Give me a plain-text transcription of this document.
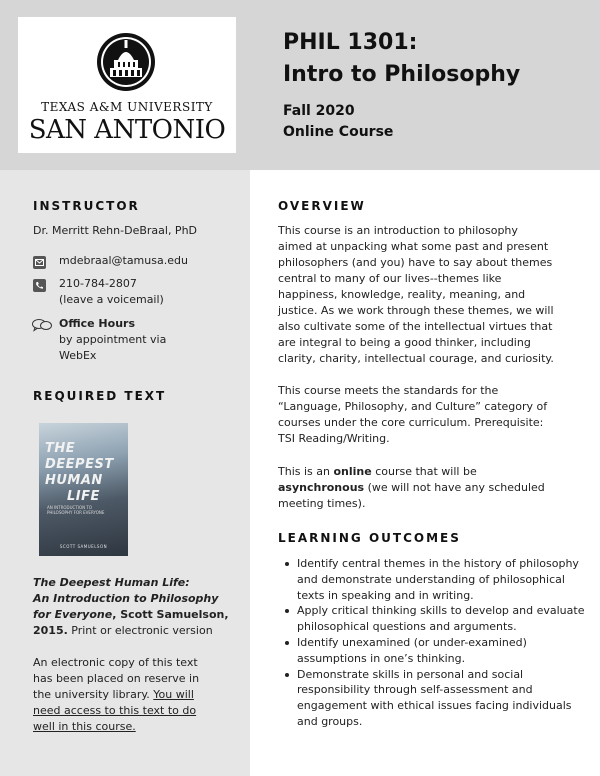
TEXAS A&M UNIVERSITY
SAN ANTONIO
PHIL 1301:
Intro to Philosophy
Fall 2020
Online Course
INSTRUCTOR
Dr. Merritt Rehn-DeBraal, PhD
mdebraal@tamusa.edu
210-784-2807
(leave a voicemail)
Office Hours
by appointment via
WebEx
REQUIRED TEXT
THE
DEEPEST
HUMAN
LIFE
AN INTRODUCTION TO PHILOSOPHY FOR EVERYONE
SCOTT SAMUELSON
The Deepest Human Life:
An Introduction to Philosophy
for Everyone, Scott Samuelson,
2015. Print or electronic version
An electronic copy of this text
has been placed on reserve in
the university library. You will
need access to this text to do
well in this course.
OVERVIEW
This course is an introduction to philosophy
aimed at unpacking what some past and present
philosophers (and you) have to say about themes
central to many of our lives--themes like
happiness, knowledge, reality, meaning, and
justice. As we work through these themes, we will
also cultivate some of the intellectual virtues that
are integral to being a good thinker, including
clarity, charity, intellectual courage, and curiosity.
This course meets the standards for the
“Language, Philosophy, and Culture” category of
courses under the core curriculum. Prerequisite:
TSI Reading/Writing.
This is an online course that will be
asynchronous (we will not have any scheduled
meeting times).
LEARNING OUTCOMES
Identify central themes in the history of philosophy and demonstrate understanding of philosophical texts in speaking and in writing.
Apply critical thinking skills to develop and evaluate philosophical questions and arguments.
Identify unexamined (or under-examined) assumptions in one’s thinking.
Demonstrate skills in personal and social responsibility through self-assessment and engagement with ethical issues facing individuals and groups.
